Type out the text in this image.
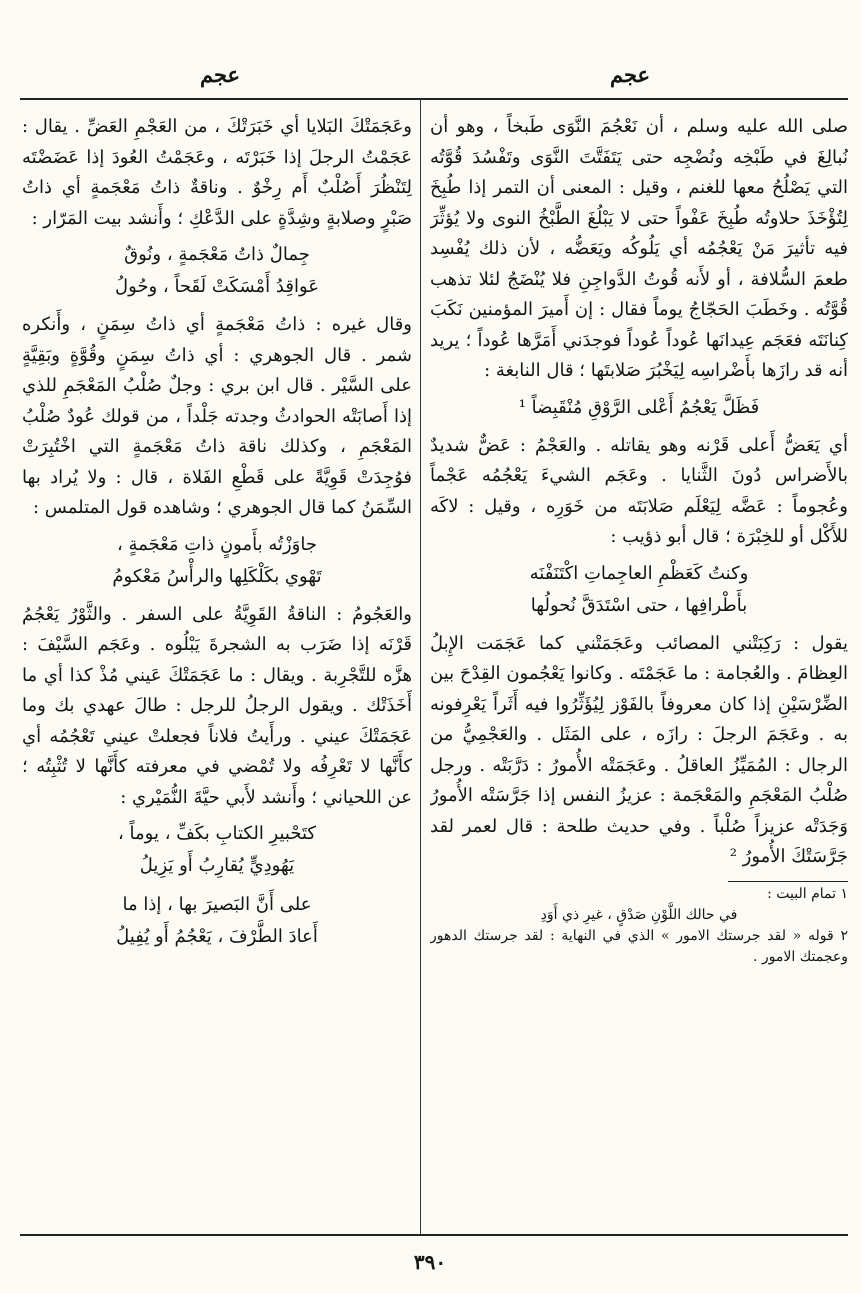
عجم
عجم

صلى الله عليه وسلم ، أن نَعْجُمَ النَّوَى طَبخاً ، وهو أن نُبالِغَ في طَبْخِه ونُضْجِه حتى يَتَفَتَّتَ النَّوَى وتَفْسُدَ قُوَّتُه التي يَصْلُحُ معها للغنم ، وقيل : المعنى أن التمر إذا طُبِخَ لِتُؤْخَذَ حلاوتُه طُبِخَ عَفْواً حتى لا يَبْلُغَ الطَّبْخُ النوى ولا يُؤثِّرَ فيه تأثيرَ مَنْ يَعْجُمُه أي يَلُوكُه ويَعَضُّه ، لأن ذلك يُفْسِد طعمَ السُّلافة ، أو لأَنه قُوتُ الدَّواجِنِ فلا يُنْضَجُ لئلا تذهب قُوَّتُه . وخَطَبَ الحَجّاجُ يوماً فقال : إن أَميرَ المؤمنين نَكَبَ كِنانَتَه فعَجَم عِيدانَها عُوداً عُوداً فوجدَني أَمَرَّها عُوداً ؛ يريد أنه قد رازَها بأَضْراسِه لِيَخْبُرَ صَلابتَها ؛ قال النابغة :

فَظَلَّ يَعْجُمُ أَعْلى الرَّوْقِ مُنْقَبِضاً ¹

أي يَعَضُّ أَعلى قَرْنه وهو يقاتله . والعَجْمُ : عَضٌّ شديدٌ بالأَضراس دُونَ الثَّنايا . وعَجَم الشيءَ يَعْجُمُه عَجْماً وعُجوماً : عَضَّه لِيَعْلَم صَلابَتَه من خَوَرِه ، وقيل : لاكَه للأَكْل أو للخِبْرَة ؛ قال أبو ذؤيب :

وكنتُ كَعَظْمِ العاجِماتِ اكْتَنَفْنَه
بأَطْرافِها ، حتى اسْتَدَقَّ نُحولُها

يقول : رَكِبَتْني المصائب وعَجَمَتْني كما عَجَمَت الإِبلُ العِظامَ . والعُجامة : ما عَجَمْتَه . وكانوا يَعْجُمون القِدْحَ بين الضِّرْسَيْنِ إذا كان معروفاً بالفَوْز لِيُؤَثِّرُوا فيه أَثَراً يَعْرِفونه به . وعَجَمَ الرجلَ : رازَه ، على المَثَل . والعَجْمِيُّ من الرجال : المُمَيِّزُ العاقلُ . وعَجَمَتْه الأُمورُ : دَرَّبَتْه . ورجل صُلْبُ المَعْجَمِ والمَعْجَمة : عزيزُ النفس إذا جَرَّسَتْه الأُمورُ وَجَدَتْه عزيزاً صُلْباً . وفي حديث طلحة : قال لعمر لقد جَرَّسَتْكَ الأُمورُ ²

١ تمام البيت :

في حالك اللَّوْنِ صَدْقٍ ، غيرِ ذي أَوَدِ

٢ قوله « لقد جرستك الامور » الذي في النهاية : لقد جرستك الدهور وعجمتك الامور .

وعَجَمَتْكَ البَلايا أي خَبَرَتْكَ ، من العَجْمِ العَضِّ . يقال : عَجَمْتُ الرجلَ إذا خَبَرْتَه ، وعَجَمْتُ العُودَ إذا عَضَضْتَه لِتَنْظُرَ أَصُلْبٌ أَم رِخْوٌ . وناقةٌ ذاتُ مَعْجَمةٍ أي ذاتُ صَبْرٍ وصلابةٍ وشِدَّةٍ على الدَّعْكِ ؛ وأَنشد بيت المَرّار :

جِمالٌ ذاتُ مَعْجَمةٍ ، ونُوقٌ
عَواقِدُ أَمْسَكَتْ لَقَحاً ، وحُولُ

وقال غيره : ذاتُ مَعْجَمةٍ أي ذاتُ سِمَنٍ ، وأَنكره شمر . قال الجوهري : أي ذاتُ سِمَنٍ وقُوَّةٍ وبَقِيَّةٍ على السَّيْر . قال ابن بري : وجلٌ صُلْبُ المَعْجَمِ للذي إذا أَصابَتْه الحوادثُ وجدته جَلْداً ، من قولك عُودٌ صُلْبُ المَعْجَمِ ، وكذلك ناقة ذاتُ مَعْجَمةٍ التي اخْتُبِرَتْ فوُجِدَتْ قَوِيَّةً على قَطْعِ الفَلاة ، قال : ولا يُراد بها السِّمَنُ كما قال الجوهري ؛ وشاهده قول المتلمس :

جاوَزْتُه بأَمونٍ ذاتِ مَعْجَمةٍ ،
تَهْوي بكَلْكَلِها والرأْسُ مَعْكومُ

والعَجُومُ : الناقةُ القَوِيَّةُ على السفر . والثَّوْرُ يَعْجُمُ قَرْنَه إذا ضَرَب به الشجرةَ يَبْلُوه . وعَجَم السَّيْفَ : هزَّه للتَّجْرِبة . ويقال : ما عَجَمَتْكَ عَيني مُذْ كذا أي ما أَخَذَتْك . ويقول الرجلُ للرجل : طالَ عهدي بك وما عَجَمَتْكَ عيني . ورأَيتُ فلاناً فجعلتْ عيني تَعْجُمُه أي كأَنَّها لا تَعْرِفُه ولا تُمْضي في معرفته كأَنَّها لا تُثْبِتُه ؛ عن اللحياني ؛ وأَنشد لأَبي حيَّةَ النُّمَيْري :

كتَحْبيرِ الكتابِ بكَفِّ ، يوماً ،
يَهُودِيٍّ يُقارِبُ أَو يَزِيلُ
على أَنَّ البَصيرَ بها ، إذا ما
أَعادَ الطَّرْفَ ، يَعْجُمُ أَو يُفِيلُ
٣٩٠
